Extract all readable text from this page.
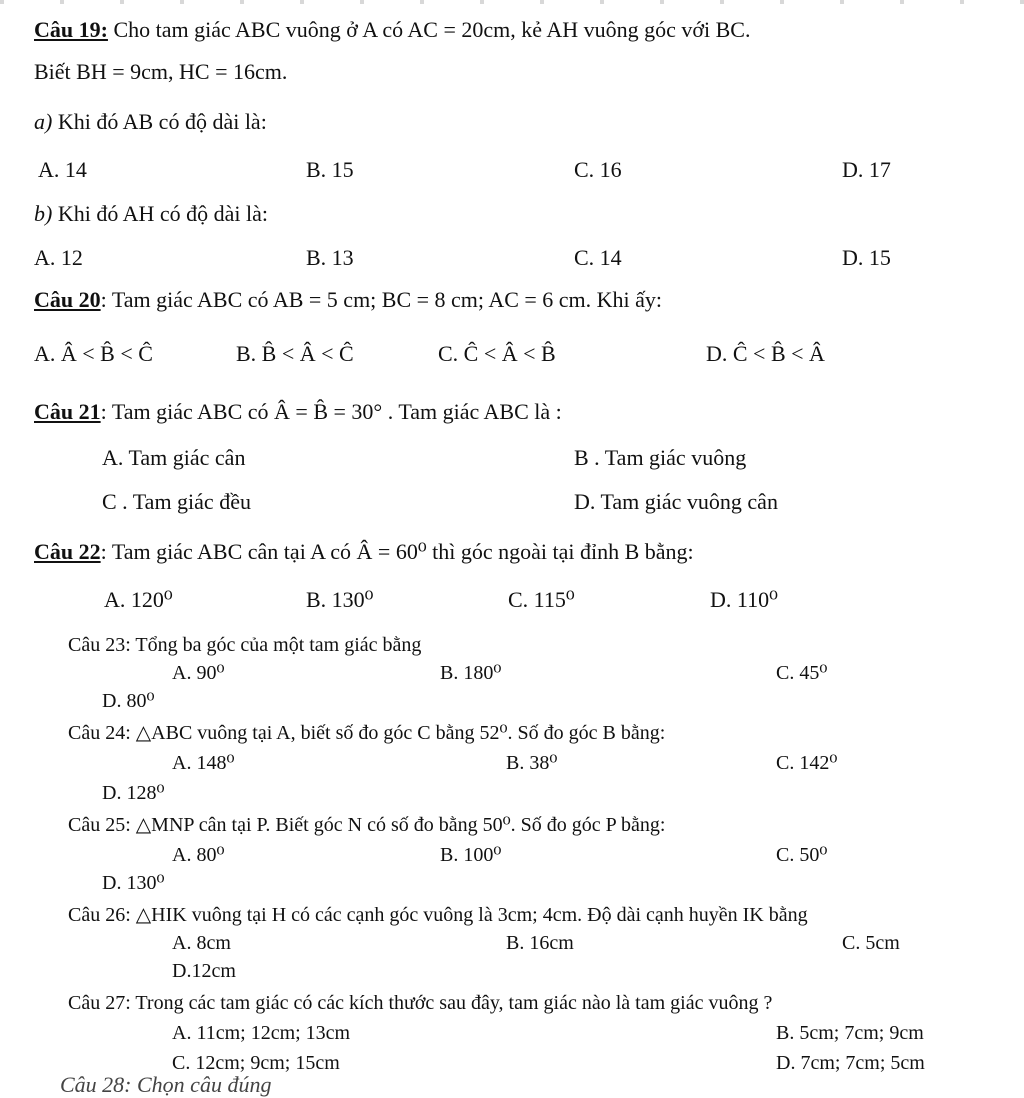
Câu 19: Cho tam giác ABC vuông ở A có AC = 20cm, kẻ AH vuông góc với BC.
Biết BH = 9cm, HC = 16cm.
a) Khi đó AB có độ dài là:
A. 14	B. 15	C. 16	D. 17
b) Khi đó AH có độ dài là:
A. 12	B. 13	C. 14	D. 15
Câu 20: Tam giác ABC có AB = 5 cm; BC = 8 cm; AC = 6 cm. Khi ấy:
A. Â < B̂ < Ĉ	B. B̂ < Â < Ĉ	C. Ĉ < Â < B̂	D. Ĉ < B̂ < Â
Câu 21: Tam giác ABC có Â = B̂ = 30° . Tam giác ABC là :
A. Tam giác cân	B . Tam giác vuông
C . Tam giác đều	D. Tam giác vuông cân
Câu 22: Tam giác ABC cân tại A có Â = 60⁰ thì góc ngoài tại đỉnh B bằng:
A. 120⁰	B. 130⁰	C. 115⁰	D. 110⁰
Câu 23: Tổng ba góc của một tam giác bằng
A. 90⁰	B. 180⁰	C. 45⁰
D. 80⁰
Câu 24: △ABC vuông tại A, biết số đo góc C bằng 52⁰. Số đo góc B bằng:
A. 148⁰	B. 38⁰	C. 142⁰
D. 128⁰
Câu 25: △MNP cân tại P. Biết góc N có số đo bằng 50⁰. Số đo góc P bằng:
A. 80⁰	B. 100⁰	C. 50⁰
D. 130⁰
Câu 26: △HIK vuông tại H có các cạnh góc vuông là 3cm; 4cm. Độ dài cạnh huyền IK bằng
A. 8cm	B. 16cm	C. 5cm
D.12cm
Câu 27: Trong các tam giác có các kích thước sau đây, tam giác nào là tam giác vuông ?
A. 11cm; 12cm; 13cm	B. 5cm; 7cm; 9cm
C. 12cm; 9cm; 15cm	D. 7cm; 7cm; 5cm
Câu 28: Chọn câu đúng
